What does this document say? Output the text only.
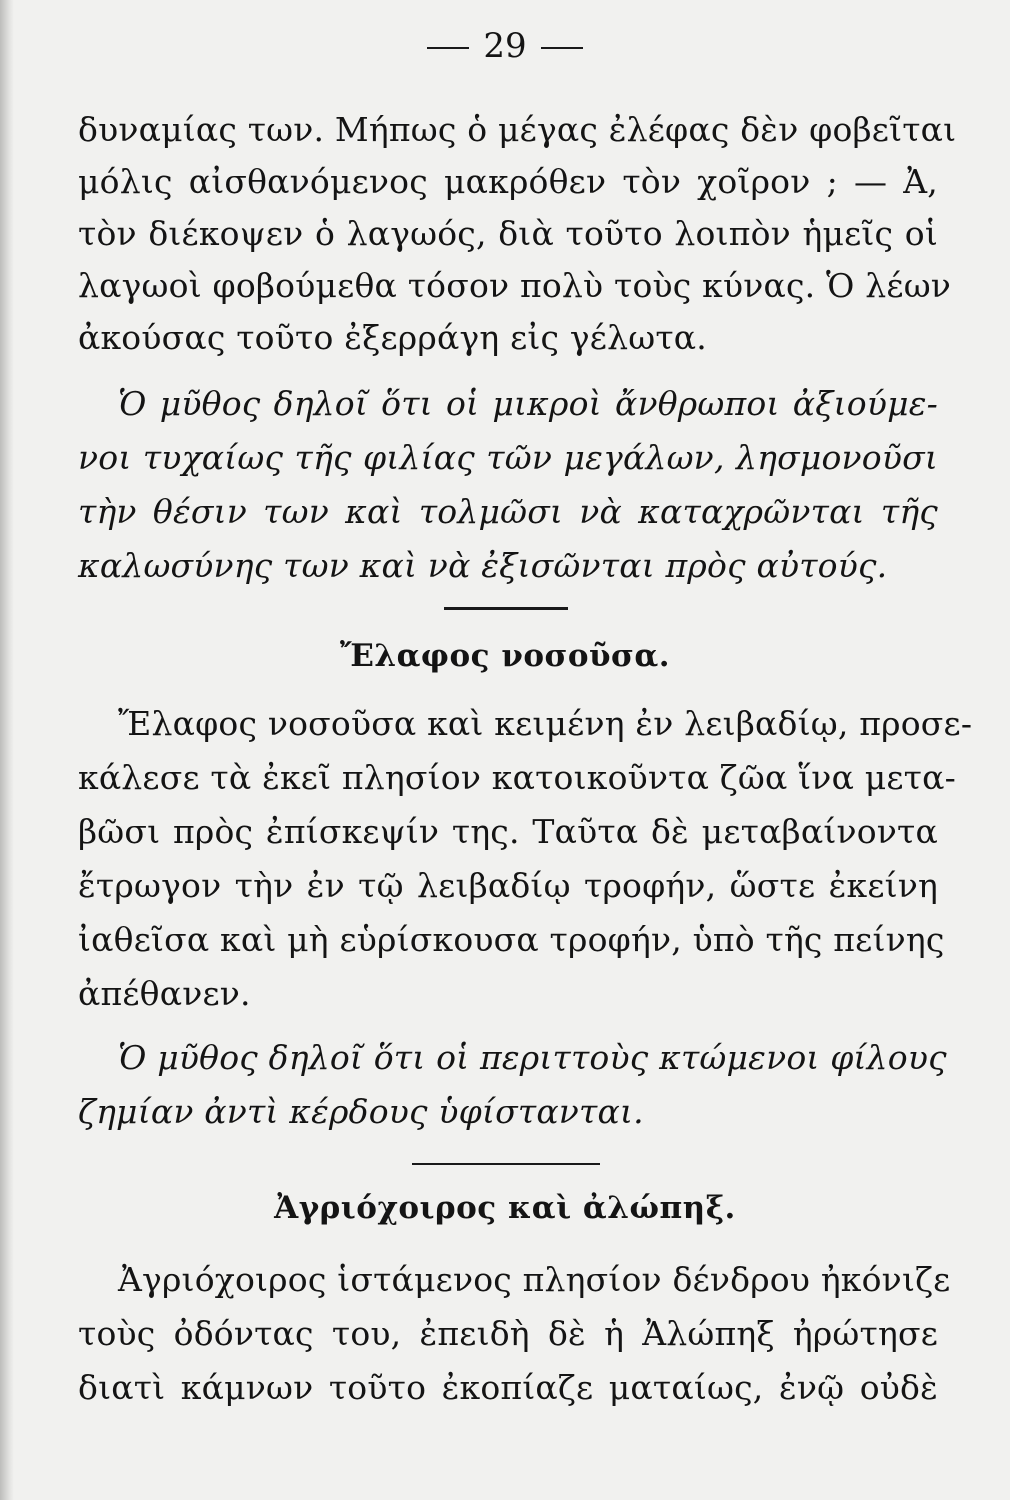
29
δυναμίας των. Μήπως ὁ μέγας ἐλέφας δὲν φοβεῖται
μόλις αἰσθανόμενος μακρόθεν τὸν χοῖρον ; — Ἀ,
τὸν διέκοψεν ὁ λαγωός, διὰ τοῦτο λοιπὸν ἡμεῖς οἱ
λαγωοὶ φοβούμεθα τόσον πολὺ τοὺς κύνας. Ὁ λέων
ἀκούσας τοῦτο ἐξερράγη εἰς γέλωτα.
Ὁ μῦθος δηλοῖ ὅτι οἱ μικροὶ ἄνθρωποι ἀξιούμε-
νοι τυχαίως τῆς φιλίας τῶν μεγάλων, λησμονοῦσι
τὴν θέσιν των καὶ τολμῶσι νὰ καταχρῶνται τῆς
καλωσύνης των καὶ νὰ ἐξισῶνται πρὸς αὐτούς.
Ἔλαφος νοσοῦσα.
Ἔλαφος νοσοῦσα καὶ κειμένη ἐν λειβαδίῳ, προσε-
κάλεσε τὰ ἐκεῖ πλησίον κατοικοῦντα ζῶα ἵνα μετα-
βῶσι πρὸς ἐπίσκεψίν της. Ταῦτα δὲ μεταβαίνοντα
ἔτρωγον τὴν ἐν τῷ λειβαδίῳ τροφήν, ὥστε ἐκείνη
ἰαθεῖσα καὶ μὴ εὑρίσκουσα τροφήν, ὑπὸ τῆς πείνης
ἀπέθανεν.
Ὁ μῦθος δηλοῖ ὅτι οἱ περιττοὺς κτώμενοι φίλους
ζημίαν ἀντὶ κέρδους ὑφίστανται.
Ἀγριόχοιρος καὶ ἀλώπηξ.
Ἀγριόχοιρος ἱστάμενος πλησίον δένδρου ἠκόνιζε
τοὺς ὀδόντας του, ἐπειδὴ δὲ ἡ Ἀλώπηξ ἠρώτησε
διατὶ κάμνων τοῦτο ἐκοπίαζε ματαίως, ἐνῷ οὐδὲ
